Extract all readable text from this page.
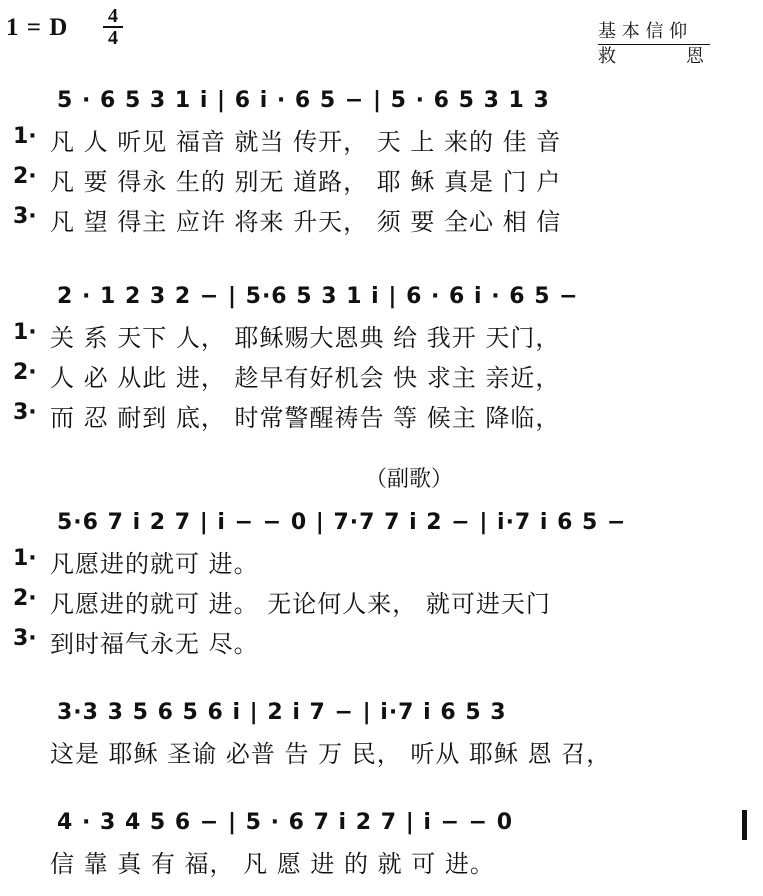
1 = D $\frac{4}{4}$	基 本 信 仰
救	恩
5 · 6 5 3 1 i | 6 i · 6 5 − | 5 · 6 5 3 1 3
1· 凡 人 听见 福音 就当 传开， 天 上 来的 佳 音
2· 凡 要 得永 生的 别无 道路， 耶 稣 真是 门 户
3· 凡 望 得主 应许 将来 升天， 须 要 全心 相 信
2 · 1 2 3 2 − | 5·6 5 3 1 i | 6 · 6 i · 6 5 −
1· 关 系 天下 人， 耶稣赐大恩典 给 我开 天门，
2· 人 必 从此 进， 趁早有好机会 快 求主 亲近，
3· 而 忍 耐到 底， 时常警醒祷告 等 候主 降临，
（副歌）
5·6 7 i 2 7 | i − − 0 | 7·7 7 i 2 − | i·7 i 6 5 −
1· 凡愿进的就可 进。
2· 凡愿进的就可 进。 无论何人来， 就可进天门
3· 到时福气永无 尽。
3·3 3 5 6 5 6 i | 2 i 7 − | i·7 i 6 5 3
这是 耶稣 圣谕 必普 告 万 民， 听从 耶稣 恩 召，
4 · 3 4 5 6 − | 5 · 6 7 i 2 7 | i − − 0
信 靠 真 有 福， 凡 愿 进 的 就 可 进。
